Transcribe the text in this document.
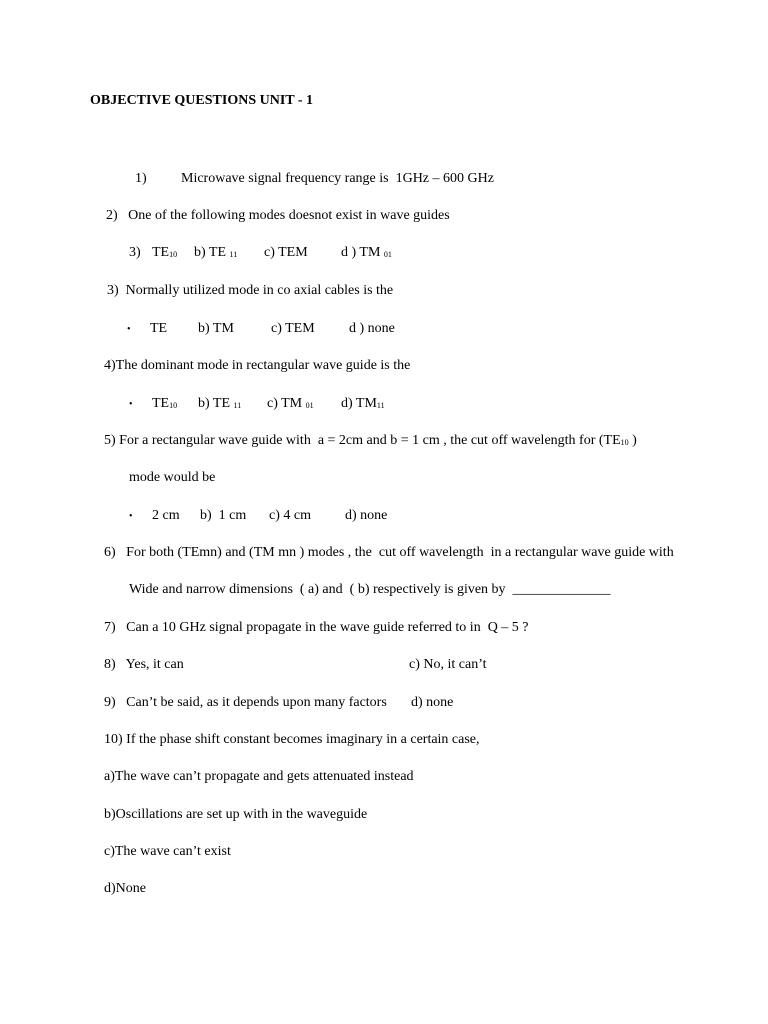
OBJECTIVE QUESTIONS UNIT - 1

1)

Microwave signal frequency range is  1GHz – 600 GHz

2)   One of the following modes doesnot exist in wave guides

3)

$TE_{10}$

b) TE $_{11}$

c) TEM

d ) TM $_{01}$

3)  Normally utilized mode in co axial cables is the

•

TE

b) TM

	c) TEM

d ) none

4)The dominant mode in rectangular wave guide is the

•

$TE_{10}$

b) TE $_{11}$

c) TM $_{01}$

d) $TM_{11}$

5) For a rectangular wave guide with  a = 2cm and b = 1 cm , the cut off wavelength for ($TE_{10}$ )
mode would be

•

2 cm

b)  1 cm

c) 4 cm

d) none

6)   For both (TEmn) and (TM mn ) modes , the  cut off wavelength  in a rectangular wave guide with
Wide and narrow dimensions  ( a) and  ( b) respectively is given by  ______________
7)   Can a 10 GHz signal propagate in the wave guide referred to in  Q – 5 ?

8)   Yes, it can

	c) No, it can’t

9)   Can’t be said, as it depends upon many factors

d) none

10) If the phase shift constant becomes imaginary in a certain case,
a)The wave can’t propagate and gets attenuated instead
b)Oscillations are set up with in the waveguide
c)The wave can’t exist
d)None
